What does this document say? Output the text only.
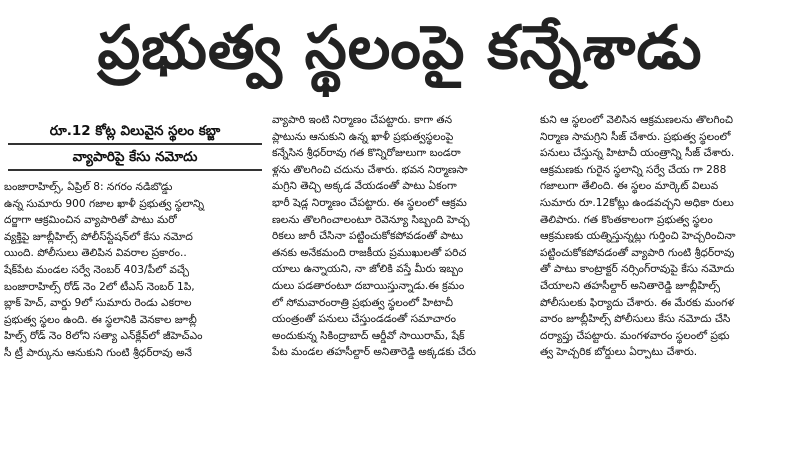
ప్రభుత్వ స్థలంపై కన్నేశాడు
రూ.12 కోట్ల విలువైన స్థలం కబ్జా
వ్యాపారిపై కేసు నమోదు
బంజారాహిల్స్, ఏప్రిల్ 8: నగరం నడిబొడ్డు
ఉన్న సుమారు 900 గజాల ఖాళీ ప్రభుత్వ స్థలాన్ని
దర్జాగా ఆక్రమించిన వ్యాపారితో పాటు మరో
వ్యక్తిపై జూబ్లీహిల్స్ పోలీస్‌స్టేషన్‌లో కేసు నమోద
యింది. పోలీసులు తెలిపిన వివరాల ప్రకారం..
షేక్‌పేట మండల సర్వే నెంబర్ 403/పీలో వచ్చే
బంజారాహిల్స్ రోడ్ నెం 2లో టీఎస్ నెంబర్ 1పి,
బ్లాక్ హెచ్, వార్డు 9లో సుమారు రెండు ఎకరాల
ప్రభుత్వ స్థలం ఉంది. ఈ స్థలానికి వెనకాల జూబ్లీ
హిల్స్ రోడ్ నెం 8లోని సత్యా ఎన్‌క్లేవ్‌లో జీహెచ్ఎం
సీ ట్రీ పార్కును ఆనుకుని గుంటి శ్రీధర్‌రావు అనే
వ్యాపారి ఇంటి నిర్మాణం చేపట్టారు. కాగా తన
ప్లాటును ఆనుకుని ఉన్న ఖాళీ ప్రభుత్వస్థలంపై
కన్నేసిన శ్రీధర్‌రావు గత కొన్నిరోజులుగా బండరా
ళ్లను తొలగించి చదును చేశారు. భవన నిర్మాణసా
మగ్రిని తెచ్చి అక్కడ వేయడంతో పాటు ఏకంగా
భారీ షెడ్ల నిర్మాణం చేపట్టారు. ఈ స్థలంలో ఆక్రమ
ణలను తొలగించాలంటూ రెవెన్యూ సిబ్బంది హెచ్చ
రికలు జారీ చేసినా పట్టించుకోకపోవడంతో పాటు
తనకు అనేకమంది రాజకీయ ప్రముఖులతో పరిచ
యాలు ఉన్నాయని, నా జోలికి వస్తే మీరు ఇబ్బం
దులు పడతారంటూ దబాయిస్తున్నాడు.ఈ క్రమం
లో సోమవారంరాత్రి ప్రభుత్వ స్థలంలో హిటాచీ
యంత్రంతో పనులు చేస్తుండడంతో సమాచారం
అందుకున్న సికింద్రాబాద్ ఆర్డీవో సాయిరామ్, షేక్
పేట మండల తహసీల్దార్ అనితారెడ్డి అక్కడకు చేరు
కుని ఆ స్థలంలో వెలిసిన ఆక్రమణలను తొలగించి
నిర్మాణ సామగ్రిని సీజ్ చేశారు. ప్రభుత్వ స్థలంలో
పనులు చేస్తున్న హిటాచీ యంత్రాన్ని సీజ్ చేశారు.
ఆక్రమణకు గురైన స్థలాన్ని సర్వే చేయ గా 288
గజాలుగా తేలింది. ఈ స్థలం మార్కెట్ విలువ
సుమారు రూ.12కోట్లు ఉండవచ్చని అధికా రులు
తెలిపారు. గత కొంతకాలంగా ప్రభుత్వ స్థలం
ఆక్రమణకు యత్నిస్తున్నట్లు గుర్తించి హెచ్చరించినా
పట్టించుకోకపోవడంతో వ్యాపారి గుంటి శ్రీధర్‌రావు
తో పాటు కాంట్రాక్టర్ నర్సింగ్‌రావుపై కేసు నమోదు
చేయాలని తహసీల్దార్ అనితారెడ్డి జూబ్లీహిల్స్
పోలీసులకు ఫిర్యాదు చేశారు. ఈ మేరకు మంగళ
వారం జూబ్లీహిల్స్ పోలీసులు కేసు నమోదు చేసి
దర్యాప్తు చేపట్టారు. మంగళవారం స్థలంలో ప్రభు
త్వ హెచ్చరిక బోర్డులు ఏర్పాటు చేశారు.
